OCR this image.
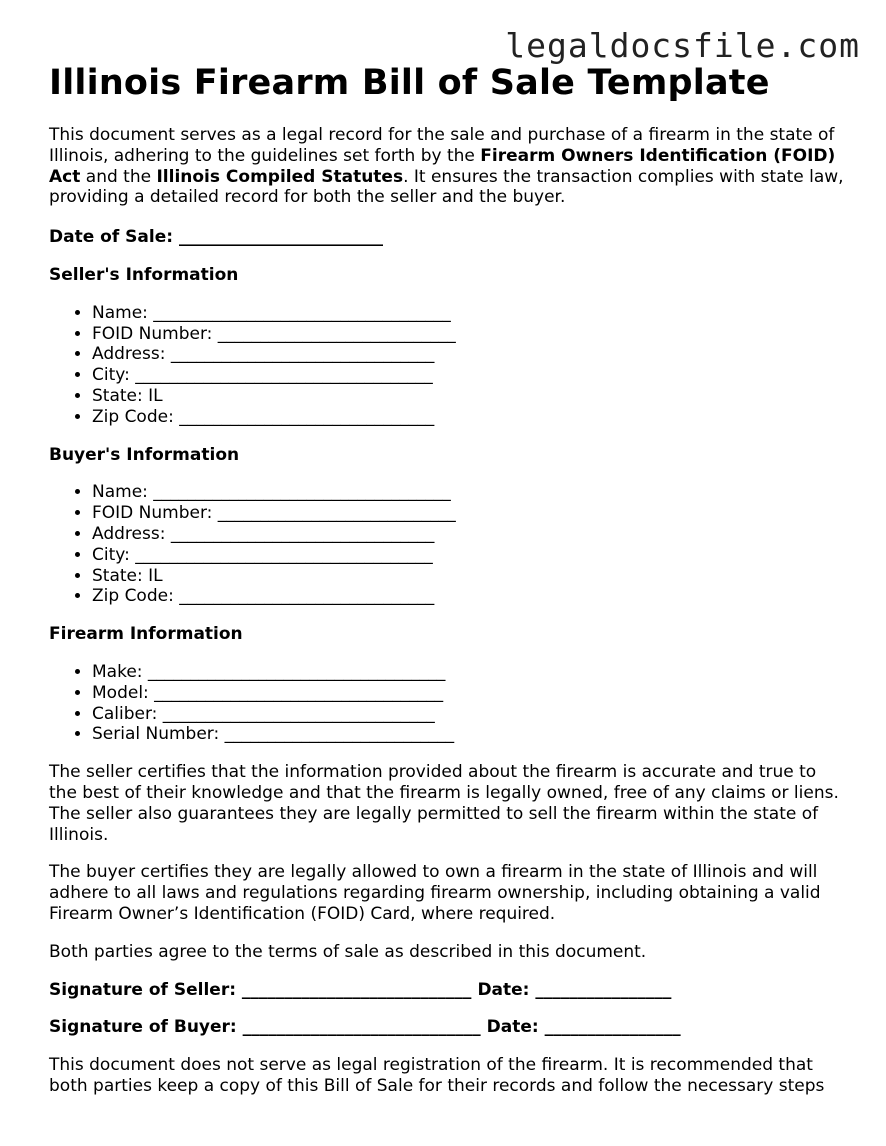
legaldocsfile.com
Illinois Firearm Bill of Sale Template

This document serves as a legal record for the sale and purchase of a firearm in the state of Illinois, adhering to the guidelines set forth by the Firearm Owners Identification (FOID) Act and the Illinois Compiled Statutes. It ensures the transaction complies with state law, providing a detailed record for both the seller and the buyer.

Date of Sale: ________________________

Seller's Information
• Name: ___________________________________
• FOID Number: ____________________________
• Address: _______________________________
• City: ___________________________________
• State: IL
• Zip Code: ______________________________
Buyer's Information
• Name: ___________________________________
• FOID Number: ____________________________
• Address: _______________________________
• City: ___________________________________
• State: IL
• Zip Code: ______________________________
Firearm Information
• Make: ___________________________________
• Model: __________________________________
• Caliber: ________________________________
• Serial Number: ___________________________

The seller certifies that the information provided about the firearm is accurate and true to the best of their knowledge and that the firearm is legally owned, free of any claims or liens. The seller also guarantees they are legally permitted to sell the firearm within the state of Illinois.

The buyer certifies they are legally allowed to own a firearm in the state of Illinois and will adhere to all laws and regulations regarding firearm ownership, including obtaining a valid Firearm Owner’s Identification (FOID) Card, where required.

Both parties agree to the terms of sale as described in this document.

Signature of Seller: ___________________________ Date: ________________

Signature of Buyer: ____________________________ Date: ________________

This document does not serve as legal registration of the firearm. It is recommended that both parties keep a copy of this Bill of Sale for their records and follow the necessary steps
